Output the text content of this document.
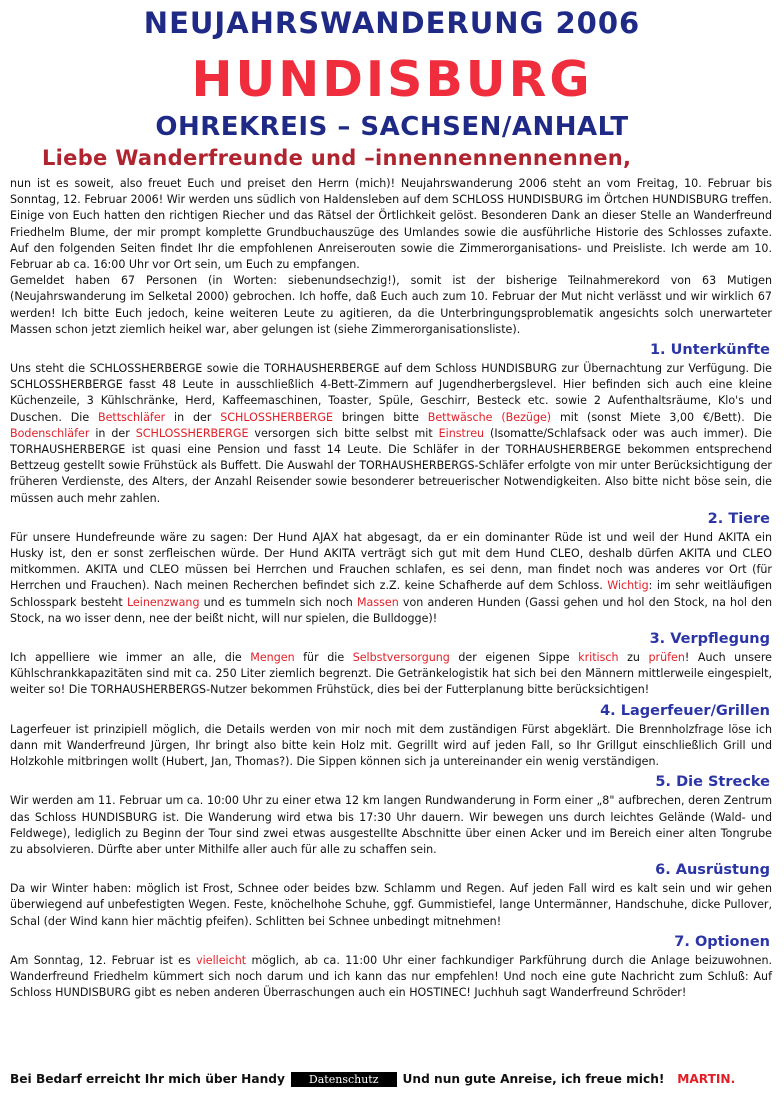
NEUJAHRSWANDERUNG 2006
HUNDISBURG
OHREKREIS – SACHSEN/ANHALT
Liebe Wanderfreunde und –innennennennennen,

nun ist es soweit, also freuet Euch und preiset den Herrn (mich)! Neujahrswanderung 2006 steht an vom Freitag, 10. Februar bis Sonntag, 12. Februar 2006! Wir werden uns südlich von Haldensleben auf dem SCHLOSS HUNDISBURG im Örtchen HUNDISBURG treffen. Einige von Euch hatten den richtigen Riecher und das Rätsel der Örtlichkeit gelöst. Besonderen Dank an dieser Stelle an Wanderfreund Friedhelm Blume, der mir prompt komplette Grundbuchauszüge des Umlandes sowie die ausführliche Historie des Schlosses zufaxte. Auf den folgenden Seiten findet Ihr die empfohlenen Anreiserouten sowie die Zimmerorganisations- und Preisliste. Ich werde am 10. Februar ab ca. 16:00 Uhr vor Ort sein, um Euch zu empfangen.

Gemeldet haben 67 Personen (in Worten: siebenundsechzig!), somit ist der bisherige Teilnahmerekord von 63 Mutigen (Neujahrswanderung im Selketal 2000) gebrochen. Ich hoffe, daß Euch auch zum 10. Februar der Mut nicht verlässt und wir wirklich 67 werden! Ich bitte Euch jedoch, keine weiteren Leute zu agitieren, da die Unterbringungsproblematik angesichts solch unerwarteter Massen schon jetzt ziemlich heikel war, aber gelungen ist (siehe Zimmerorganisationsliste).

1. Unterkünfte

Uns steht die SCHLOSSHERBERGE sowie die TORHAUSHERBERGE auf dem Schloss HUNDISBURG zur Übernachtung zur Verfügung. Die SCHLOSSHERBERGE fasst 48 Leute in ausschließlich 4-Bett-Zimmern auf Jugendherbergslevel. Hier befinden sich auch eine kleine Küchenzeile, 3 Kühlschränke, Herd, Kaffeemaschinen, Toaster, Spüle, Geschirr, Besteck etc. sowie 2 Aufenthaltsräume, Klo's und Duschen. Die Bettschläfer in der SCHLOSSHERBERGE bringen bitte Bettwäsche (Bezüge) mit (sonst Miete 3,00 €/Bett). Die Bodenschläfer in der SCHLOSSHERBERGE versorgen sich bitte selbst mit Einstreu (Isomatte/Schlafsack oder was auch immer). Die TORHAUSHERBERGE ist quasi eine Pension und fasst 14 Leute. Die Schläfer in der TORHAUSHERBERGE bekommen entsprechend Bettzeug gestellt sowie Frühstück als Buffett. Die Auswahl der TORHAUSHERBERGS-Schläfer erfolgte von mir unter Berücksichtigung der früheren Verdienste, des Alters, der Anzahl Reisender sowie besonderer betreuerischer Notwendigkeiten. Also bitte nicht böse sein, die müssen auch mehr zahlen.

2. Tiere

Für unsere Hundefreunde wäre zu sagen: Der Hund AJAX hat abgesagt, da er ein dominanter Rüde ist und weil der Hund AKITA ein Husky ist, den er sonst zerfleischen würde. Der Hund AKITA verträgt sich gut mit dem Hund CLEO, deshalb dürfen AKITA und CLEO mitkommen. AKITA und CLEO müssen bei Herrchen und Frauchen schlafen, es sei denn, man findet noch was anderes vor Ort (für Herrchen und Frauchen). Nach meinen Recherchen befindet sich z.Z. keine Schafherde auf dem Schloss. Wichtig: im sehr weitläufigen Schlosspark besteht Leinenzwang und es tummeln sich noch Massen von anderen Hunden (Gassi gehen und hol den Stock, na hol den Stock, na wo isser denn, nee der beißt nicht, will nur spielen, die Bulldogge)!

3. Verpflegung

Ich appelliere wie immer an alle, die Mengen für die Selbstversorgung der eigenen Sippe kritisch zu prüfen! Auch unsere Kühlschrankkapazitäten sind mit ca. 250 Liter ziemlich begrenzt. Die Getränkelogistik hat sich bei den Männern mittlerweile eingespielt, weiter so! Die TORHAUSHERBERGS-Nutzer bekommen Frühstück, dies bei der Futterplanung bitte berücksichtigen!

4. Lagerfeuer/Grillen

Lagerfeuer ist prinzipiell möglich, die Details werden von mir noch mit dem zuständigen Fürst abgeklärt. Die Brennholzfrage löse ich dann mit Wanderfreund Jürgen, Ihr bringt also bitte kein Holz mit. Gegrillt wird auf jeden Fall, so Ihr Grillgut einschließlich Grill und Holzkohle mitbringen wollt (Hubert, Jan, Thomas?). Die Sippen können sich ja untereinander ein wenig verständigen.

5. Die Strecke

Wir werden am 11. Februar um ca. 10:00 Uhr zu einer etwa 12 km langen Rundwanderung in Form einer „8" aufbrechen, deren Zentrum das Schloss HUNDISBURG ist. Die Wanderung wird etwa bis 17:30 Uhr dauern. Wir bewegen uns durch leichtes Gelände (Wald- und Feldwege), lediglich zu Beginn der Tour sind zwei etwas ausgestellte Abschnitte über einen Acker und im Bereich einer alten Tongrube zu absolvieren. Dürfte aber unter Mithilfe aller auch für alle zu schaffen sein.

6. Ausrüstung

Da wir Winter haben: möglich ist Frost, Schnee oder beides bzw. Schlamm und Regen. Auf jeden Fall wird es kalt sein und wir gehen überwiegend auf unbefestigten Wegen. Feste, knöchelhohe Schuhe, ggf. Gummistiefel, lange Untermänner, Handschuhe, dicke Pullover, Schal (der Wind kann hier mächtig pfeifen). Schlitten bei Schnee unbedingt mitnehmen!

7. Optionen

Am Sonntag, 12. Februar ist es vielleicht möglich, ab ca. 11:00 Uhr einer fachkundiger Parkführung durch die Anlage beizuwohnen. Wanderfreund Friedhelm kümmert sich noch darum und ich kann das nur empfehlen! Und noch eine gute Nachricht zum Schluß: Auf Schloss HUNDISBURG gibt es neben anderen Überraschungen auch ein HOSTINEC! Juchhuh sagt Wanderfreund Schröder!

Bei Bedarf erreicht Ihr mich über Handy Datenschutz Und nun gute Anreise, ich freue mich! MARTIN.
